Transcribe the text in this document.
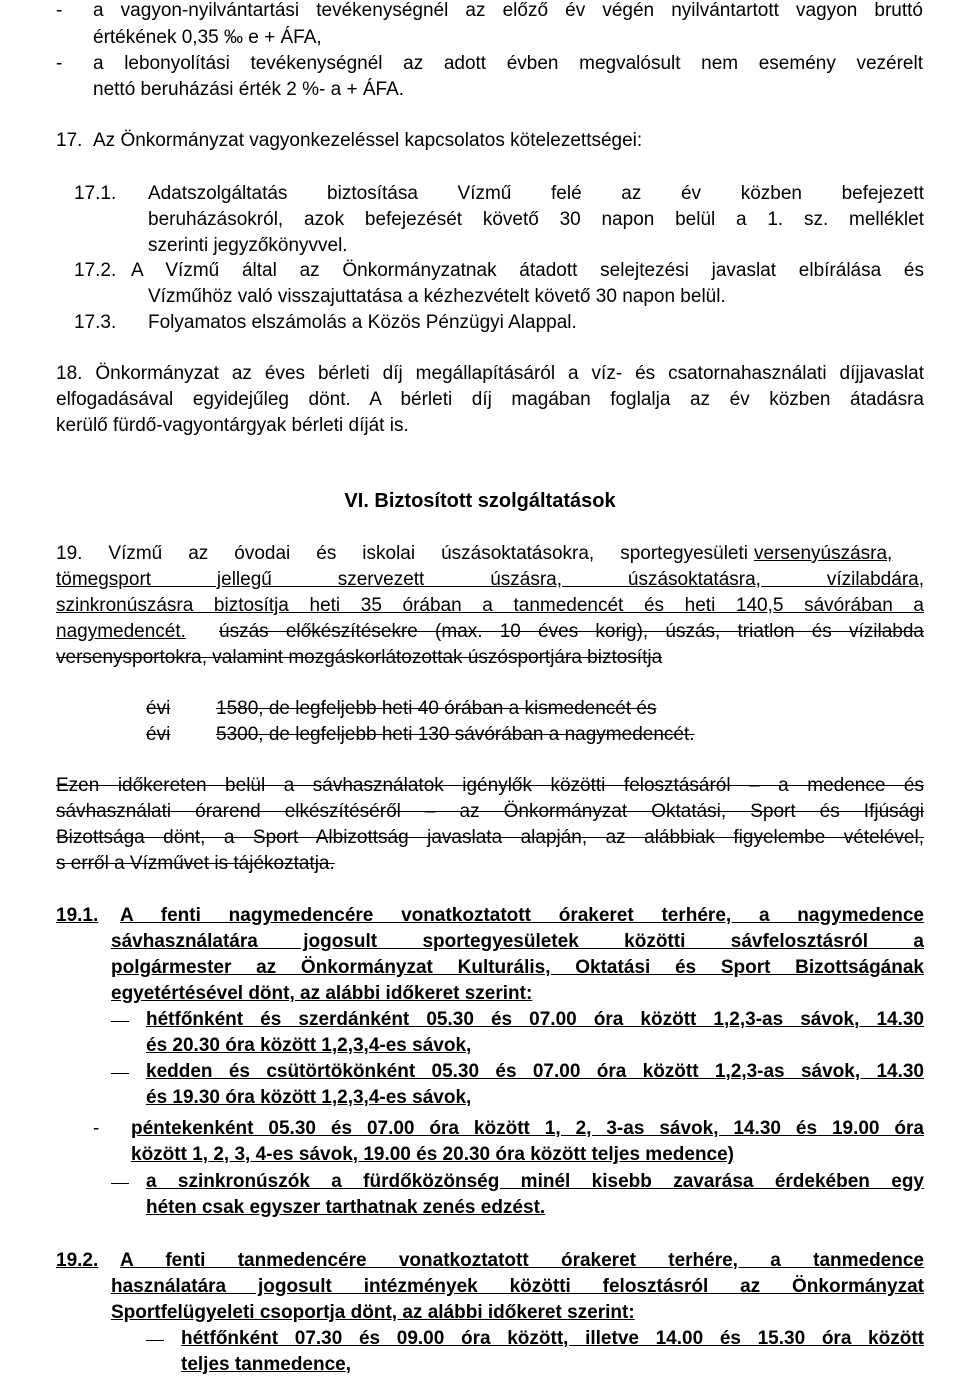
- a vagyon-nyilvántartási tevékenységnél az előző év végén nyilvántartott vagyon bruttó
értékének 0,35 ‰ e + ÁFA,
- a lebonyolítási tevékenységnél az adott évben megvalósult nem esemény vezérelt
nettó beruházási érték 2 %- a + ÁFA.
17. Az Önkormányzat vagyonkezeléssel kapcsolatos kötelezettségei:
17.1. Adatszolgáltatás biztosítása Vízmű felé az év közben befejezett
beruházásokról, azok befejezését követő 30 napon belül a 1. sz. melléklet
szerinti jegyzőkönyvvel.
17.2. A Vízmű által az Önkormányzatnak átadott selejtezési javaslat elbírálása és
Vízműhöz való visszajuttatása a kézhezvételt követő 30 napon belül.
17.3. Folyamatos elszámolás a Közös Pénzügyi Alappal.
18. Önkormányzat az éves bérleti díj megállapításáról a víz- és csatornahasználati díjjavaslat
elfogadásával egyidejűleg dönt. A bérleti díj magában foglalja az év közben átadásra
kerülő fürdő-vagyontárgyak bérleti díját is.
VI. Biztosított szolgáltatások
19. Vízmű az óvodai és iskolai úszásoktatásokra, sportegyesületi versenyúszásra,
tömegsport jellegű szervezett úszásra, úszásoktatásra, vízilabdára,
szinkronúszásra biztosítja heti 35 órában a tanmedencét és heti 140,5 sávórában a
nagymedencét. úszás előkészítésekre (max. 10 éves korig), úszás, triatlon és vízilabda
versenysportokra, valamint mozgáskorlátozottak úszósportjára biztosítja
évi 1580, de legfeljebb heti 40 órában a kismedencét és
évi 5300, de legfeljebb heti 130 sávórában a nagymedencét.
Ezen időkereten belül a sávhasználatok igénylők közötti felosztásáról – a medence és
sávhasználati órarend elkészítéséről – az Önkormányzat Oktatási, Sport és Ifjúsági
Bizottsága dönt, a Sport Albizottság javaslata alapján, az alábbiak figyelembe vételével,
s erről a Vízművet is tájékoztatja.
19.1. A fenti nagymedencére vonatkoztatott órakeret terhére, a nagymedence
sávhasználatára jogosult sportegyesületek közötti sávfelosztásról a
polgármester az Önkormányzat Kulturális, Oktatási és Sport Bizottságának
egyetértésével dönt, az alábbi időkeret szerint:
hétfőnként és szerdánként 05.30 és 07.00 óra között 1,2,3-as sávok, 14.30
és 20.30 óra között 1,2,3,4-es sávok,
kedden és csütörtökönként 05.30 és 07.00 óra között 1,2,3-as sávok, 14.30
és 19.30 óra között 1,2,3,4-es sávok,
- péntekenként 05.30 és 07.00 óra között 1, 2, 3-as sávok, 14.30 és 19.00 óra
között 1, 2, 3, 4-es sávok, 19.00 és 20.30 óra között teljes medence)
a szinkronúszók a fürdőközönség minél kisebb zavarása érdekében egy
héten csak egyszer tarthatnak zenés edzést.
19.2. A fenti tanmedencére vonatkoztatott órakeret terhére, a tanmedence
használatára jogosult intézmények közötti felosztásról az Önkormányzat
Sportfelügyeleti csoportja dönt, az alábbi időkeret szerint:
hétfőnként 07.30 és 09.00 óra között, illetve 14.00 és 15.30 óra között
teljes tanmedence,
